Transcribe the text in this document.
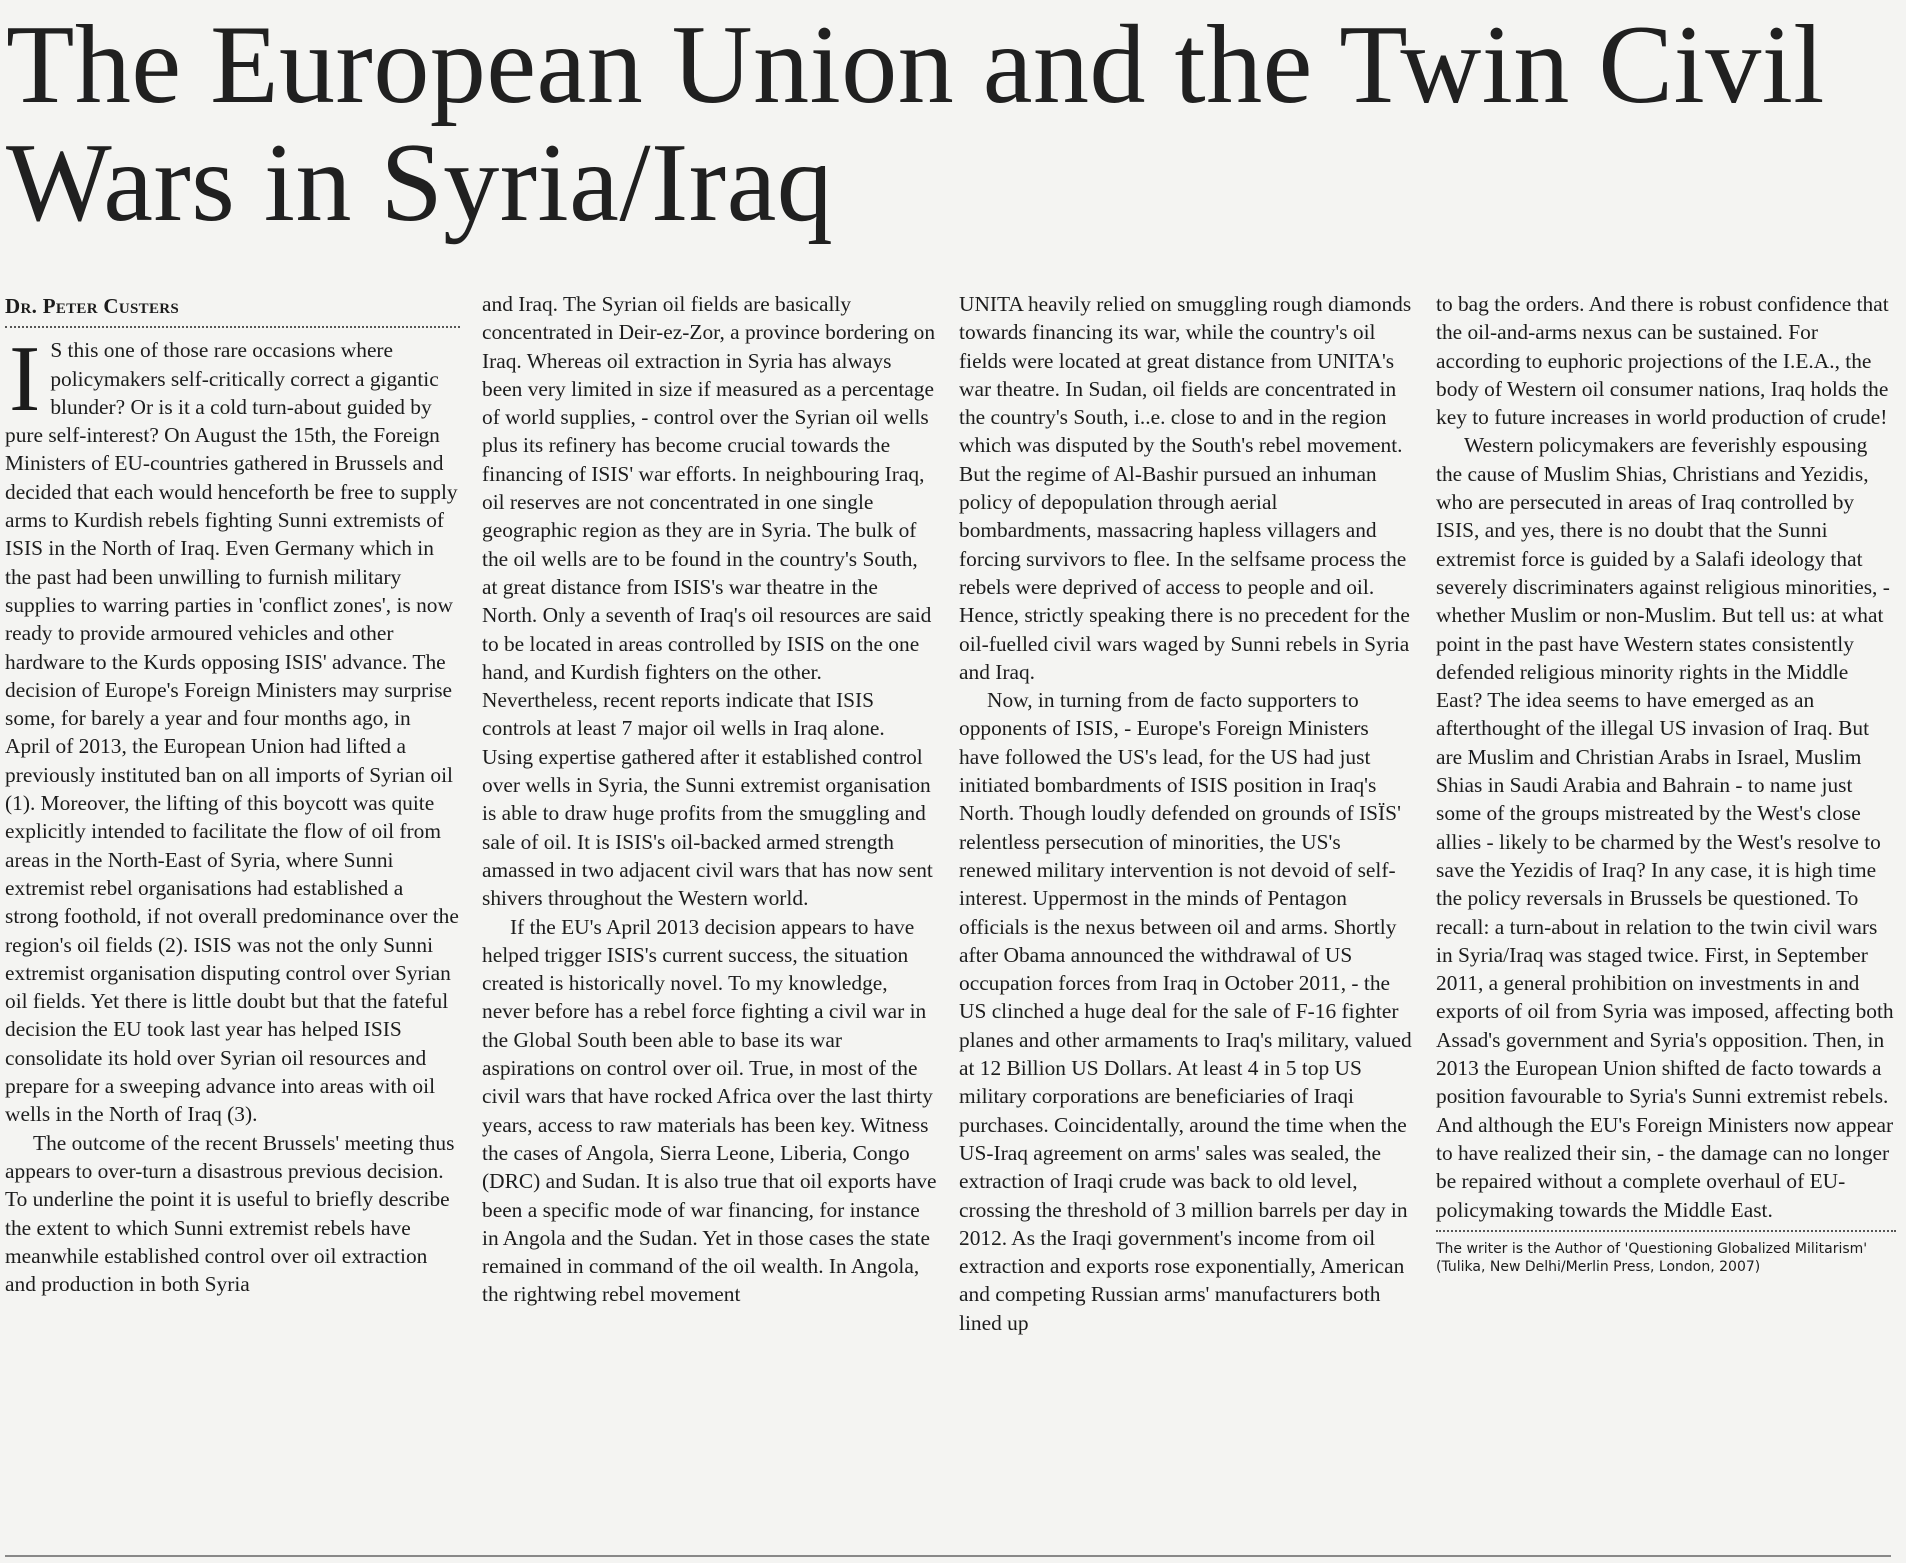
The European Union and the Twin Civil Wars in Syria/Iraq
Dr. Peter Custers

I S this one of those rare occasions where policymakers self-critically correct a gigantic blunder? Or is it a cold turn-about guided by pure self-interest? On August the 15th, the Foreign Ministers of EU-countries gathered in Brussels and decided that each would henceforth be free to supply arms to Kurdish rebels fighting Sunni extremists of ISIS in the North of Iraq. Even Germany which in the past had been unwilling to furnish military supplies to warring parties in 'conflict zones', is now ready to provide armoured vehicles and other hardware to the Kurds opposing ISIS' advance. The decision of Europe's Foreign Ministers may surprise some, for barely a year and four months ago, in April of 2013, the European Union had lifted a previously instituted ban on all imports of Syrian oil (1). Moreover, the lifting of this boycott was quite explicitly intended to facilitate the flow of oil from areas in the North-East of Syria, where Sunni extremist rebel organisations had established a strong foothold, if not overall predominance over the region's oil fields (2). ISIS was not the only Sunni extremist organisation disputing control over Syrian oil fields. Yet there is little doubt but that the fateful decision the EU took last year has helped ISIS consolidate its hold over Syrian oil resources and prepare for a sweeping advance into areas with oil wells in the North of Iraq (3).

The outcome of the recent Brussels' meeting thus appears to over-turn a disastrous previous decision. To underline the point it is useful to briefly describe the extent to which Sunni extremist rebels have meanwhile established control over oil extraction and production in both Syria

and Iraq. The Syrian oil fields are basically concentrated in Deir-ez-Zor, a province bordering on Iraq. Whereas oil extraction in Syria has always been very limited in size if measured as a percentage of world supplies, - control over the Syrian oil wells plus its refinery has become crucial towards the financing of ISIS' war efforts. In neighbouring Iraq, oil reserves are not concentrated in one single geographic region as they are in Syria. The bulk of the oil wells are to be found in the country's South, at great distance from ISIS's war theatre in the North. Only a seventh of Iraq's oil resources are said to be located in areas controlled by ISIS on the one hand, and Kurdish fighters on the other. Nevertheless, recent reports indicate that ISIS controls at least 7 major oil wells in Iraq alone. Using expertise gathered after it established control over wells in Syria, the Sunni extremist organisation is able to draw huge profits from the smuggling and sale of oil. It is ISIS's oil-backed armed strength amassed in two adjacent civil wars that has now sent shivers throughout the Western world.

If the EU's April 2013 decision appears to have helped trigger ISIS's current success, the situation created is historically novel. To my knowledge, never before has a rebel force fighting a civil war in the Global South been able to base its war aspirations on control over oil. True, in most of the civil wars that have rocked Africa over the last thirty years, access to raw materials has been key. Witness the cases of Angola, Sierra Leone, Liberia, Congo (DRC) and Sudan. It is also true that oil exports have been a specific mode of war financing, for instance in Angola and the Sudan. Yet in those cases the state remained in command of the oil wealth. In Angola, the rightwing rebel movement

UNITA heavily relied on smuggling rough diamonds towards financing its war, while the country's oil fields were located at great distance from UNITA's war theatre. In Sudan, oil fields are concentrated in the country's South, i..e. close to and in the region which was disputed by the South's rebel movement. But the regime of Al-Bashir pursued an inhuman policy of depopulation through aerial bombardments, massacring hapless villagers and forcing survivors to flee. In the selfsame process the rebels were deprived of access to people and oil. Hence, strictly speaking there is no precedent for the oil-fuelled civil wars waged by Sunni rebels in Syria and Iraq.

Now, in turning from de facto supporters to opponents of ISIS, - Europe's Foreign Ministers have followed the US's lead, for the US had just initiated bombardments of ISIS position in Iraq's North. Though loudly defended on grounds of ISÏS' relentless persecution of minorities, the US's renewed military intervention is not devoid of self-interest. Uppermost in the minds of Pentagon officials is the nexus between oil and arms. Shortly after Obama announced the withdrawal of US occupation forces from Iraq in October 2011, - the US clinched a huge deal for the sale of F-16 fighter planes and other armaments to Iraq's military, valued at 12 Billion US Dollars. At least 4 in 5 top US military corporations are beneficiaries of Iraqi purchases. Coincidentally, around the time when the US-Iraq agreement on arms' sales was sealed, the extraction of Iraqi crude was back to old level, crossing the threshold of 3 million barrels per day in 2012. As the Iraqi government's income from oil extraction and exports rose exponentially, American and competing Russian arms' manufacturers both lined up

to bag the orders. And there is robust confidence that the oil-and-arms nexus can be sustained. For according to euphoric projections of the I.E.A., the body of Western oil consumer nations, Iraq holds the key to future increases in world production of crude!

Western policymakers are feverishly espousing the cause of Muslim Shias, Christians and Yezidis, who are persecuted in areas of Iraq controlled by ISIS, and yes, there is no doubt that the Sunni extremist force is guided by a Salafi ideology that severely discriminaters against religious minorities, - whether Muslim or non-Muslim. But tell us: at what point in the past have Western states consistently defended religious minority rights in the Middle East? The idea seems to have emerged as an afterthought of the illegal US invasion of Iraq. But are Muslim and Christian Arabs in Israel, Muslim Shias in Saudi Arabia and Bahrain - to name just some of the groups mistreated by the West's close allies - likely to be charmed by the West's resolve to save the Yezidis of Iraq? In any case, it is high time the policy reversals in Brussels be questioned. To recall: a turn-about in relation to the twin civil wars in Syria/Iraq was staged twice. First, in September 2011, a general prohibition on investments in and exports of oil from Syria was imposed, affecting both Assad's government and Syria's opposition. Then, in 2013 the European Union shifted de facto towards a position favourable to Syria's Sunni extremist rebels. And although the EU's Foreign Ministers now appear to have realized their sin, - the damage can no longer be repaired without a complete overhaul of EU-policymaking towards the Middle East.

The writer is the Author of 'Questioning Globalized Militarism' (Tulika, New Delhi/Merlin Press, London, 2007)
